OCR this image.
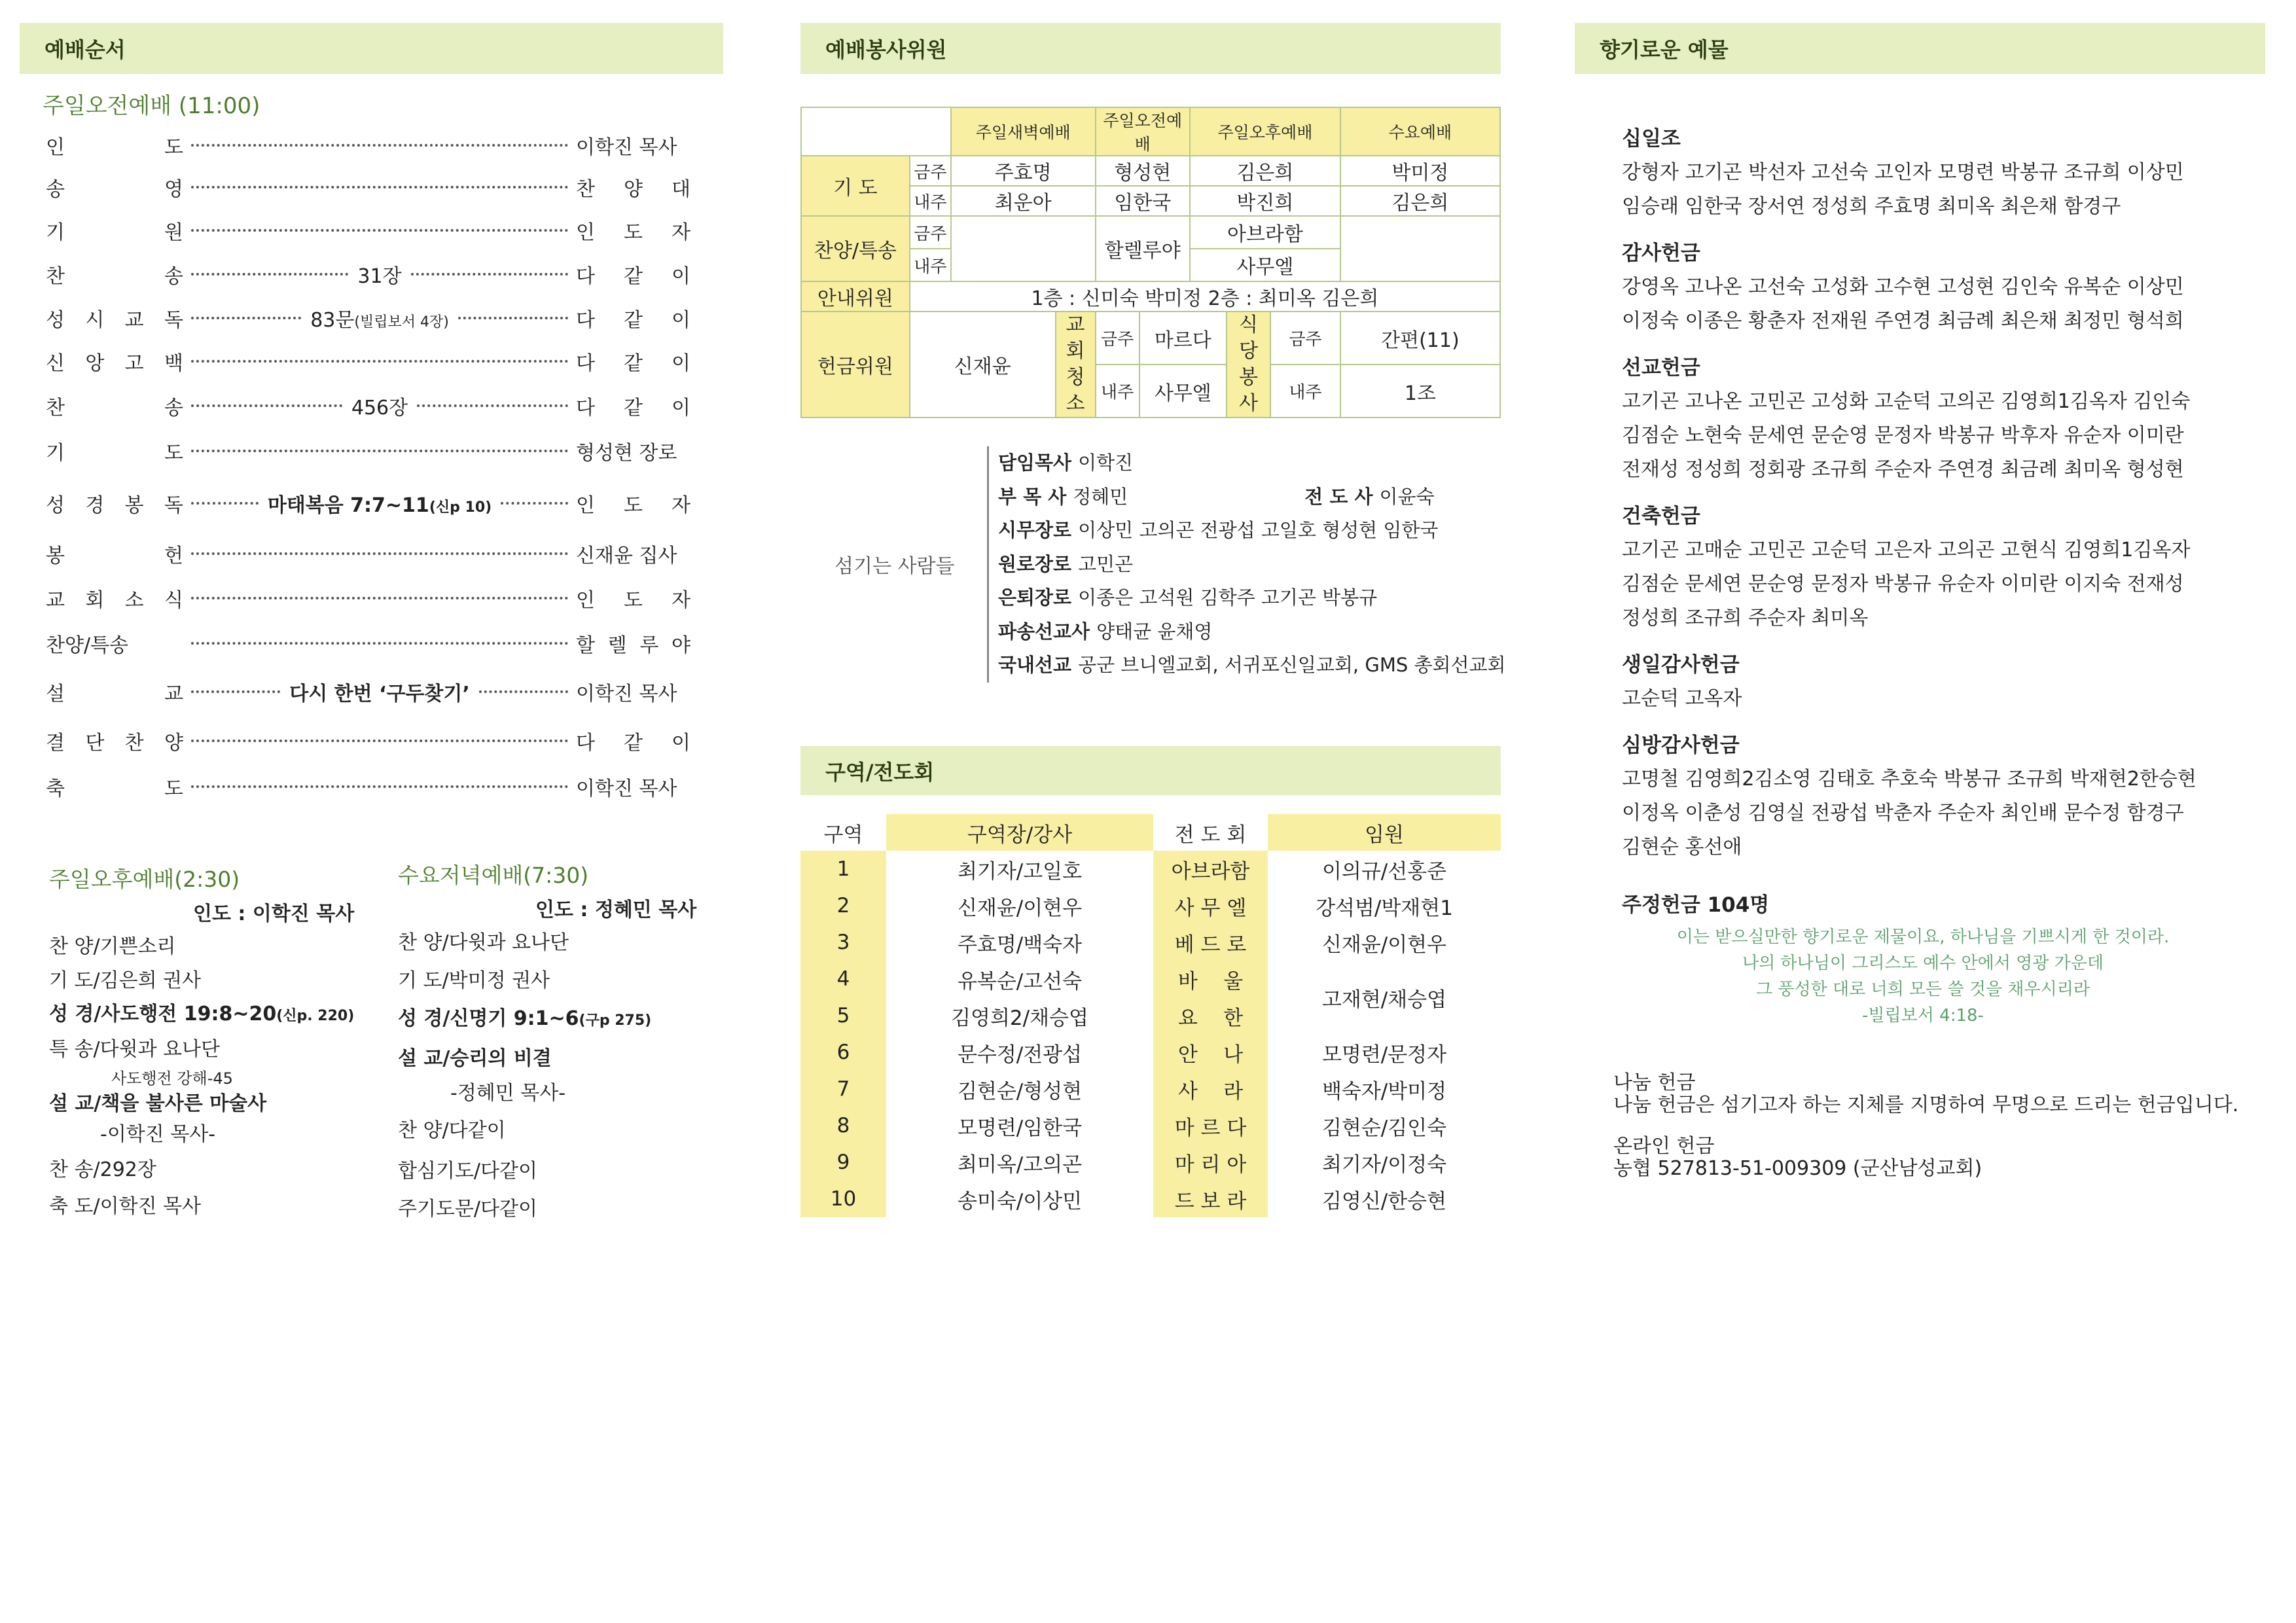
예배순서
주일오전예배 (11:00)
인	도	이학진 목사
송	영	찬 양 대
기	원	인 도 자
찬	송	31장	다 같 이
성 시 교 독	83문(빌립보서 4장)	다 같 이
신 앙 고 백	다 같 이
찬	송	456장	다 같 이
기	도	형성현 장로
성 경 봉 독	마태복음 7:7~11(신p 10)	인 도 자
봉	헌	신재윤 집사
교 회 소 식	인 도 자
찬양/특송	할 렐 루 야
설	교	다시 한번 ‘구두찾기’	이학진 목사
결 단 찬 양	다 같 이
축	도	이학진 목사
주일오후예배(2:30)
인도 : 이학진 목사
찬 양/기쁜소리
기 도/김은희 권사
성 경/사도행전 19:8~20(신p. 220)
특 송/다윗과 요나단
사도행전 강해-45
설 교/책을 불사른 마술사
-이학진 목사-
찬 송/292장
축 도/이학진 목사
수요저녁예배(7:30)
인도 : 정혜민 목사
찬 양/다윗과 요나단
기 도/박미정 권사
성 경/신명기 9:1~6(구p 275)
설 교/승리의 비결
-정혜민 목사-
찬 양/다같이
합심기도/다같이
주기도문/다같이
예배봉사위원
		주일새벽예배		주일오전예배		주일오후예배			수요예배
기 도	금주	주효명		형성현		김은희			박미정
	내주	최운아		임한국		박진희			김은희
찬양/특송	금주			할렐루야		아브라함			
	내주					사무엘			
안내위원	1층 : 신미숙 박미정 2층 : 최미옥 김은희								
헌금위원	신재윤		교회 청소	금주	마르다		식당 봉사	금주	간편(11)
				내주	사무엘			내주	1조
섬기는 사람들
담임목사 이학진
부 목 사 정혜민	전 도 사 이윤숙
시무장로 이상민 고의곤 전광섭 고일호 형성현 임한국
원로장로 고민곤
은퇴장로 이종은 고석원 김학주 고기곤 박봉규
파송선교사 양태균 윤채영
국내선교 공군 브니엘교회, 서귀포신일교회, GMS 총회선교회
구역/전도회
구역	구역장/강사	전 도 회	임원
1	최기자/고일호	아브라함	이의규/선홍준
2	신재윤/이현우	사 무 엘	강석범/박재현1
3	주효명/백숙자	베 드 로	신재윤/이현우
4	유복순/고선숙	바    울	고재현/채승엽
5	김영희2/채승엽	요    한	
6	문수정/전광섭	안    나	모명련/문정자
7	김현순/형성현	사    라	백숙자/박미정
8	모명련/임한국	마 르 다	김현순/김인숙
9	최미옥/고의곤	마 리 아	최기자/이정숙
10	송미숙/이상민	드 보 라	김영신/한승현
향기로운 예물
십일조
강형자 고기곤 박선자 고선숙 고인자 모명련 박봉규 조규희 이상민
임승래 임한국 장서연 정성희 주효명 최미옥 최은채 함경구
감사헌금
강영옥 고나온 고선숙 고성화 고수현 고성현 김인숙 유복순 이상민
이정숙 이종은 황춘자 전재원 주연경 최금례 최은채 최정민 형석희
선교헌금
고기곤 고나온 고민곤 고성화 고순덕 고의곤 김영희1김옥자 김인숙
김점순 노현숙 문세연 문순영 문정자 박봉규 박후자 유순자 이미란
전재성 정성희 정회광 조규희 주순자 주연경 최금례 최미옥 형성현
건축헌금
고기곤 고매순 고민곤 고순덕 고은자 고의곤 고현식 김영희1김옥자
김점순 문세연 문순영 문정자 박봉규 유순자 이미란 이지숙 전재성
정성희 조규희 주순자 최미옥
생일감사헌금
고순덕 고옥자
심방감사헌금
고명철 김영희2김소영 김태호 추호숙 박봉규 조규희 박재현2한승현
이정옥 이춘성 김영실 전광섭 박춘자 주순자 최인배 문수정 함경구
김현순 홍선애
주정헌금 104명
이는 받으실만한 향기로운 제물이요, 하나님을 기쁘시게 한 것이라.
나의 하나님이 그리스도 예수 안에서 영광 가운데
그 풍성한 대로 너희 모든 쓸 것을 채우시리라
-빌립보서 4:18-
나눔 헌금
나눔 헌금은 섬기고자 하는 지체를 지명하여 무명으로 드리는 헌금입니다.
온라인 헌금
농협 527813-51-009309 (군산남성교회)
